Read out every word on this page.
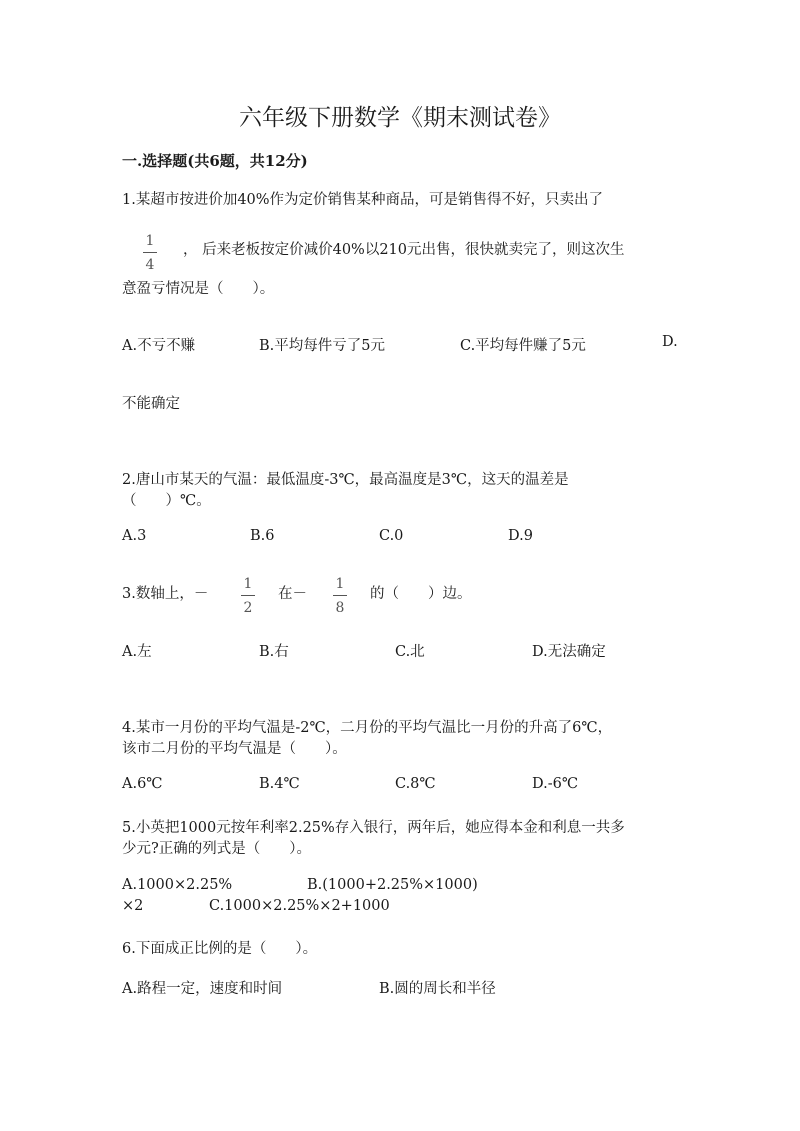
六年级下册数学《期末测试卷》
一.选择题(共6题，共12分)
1.某超市按进价加40%作为定价销售某种商品，可是销售得不好，只卖出了
1
4
， 后来老板按定价减价40%以210元出售，很快就卖完了，则这次生
意盈亏情况是（　　）。
A.不亏不赚	B.平均每件亏了5元	C.平均每件赚了5元	D.
不能确定
2.唐山市某天的气温：最低温度-3℃，最高温度是3℃，这天的温差是
（　　）℃。
A.3	B.6	C.0	D.9
3.数轴上，－
1
2
在－
1
8
的（　　）边。
A.左	B.右	C.北	D.无法确定
4.某市一月份的平均气温是-2℃，二月份的平均气温比一月份的升高了6℃，
该市二月份的平均气温是（　　）。
A.6℃	B.4℃	C.8℃	D.-6℃
5.小英把1000元按年利率2.25%存入银行，两年后，她应得本金和利息一共多
少元?正确的列式是（　　）。
A.1000×2.25%	B.(1000+2.25%×1000)
×2	C.1000×2.25%×2+1000
6.下面成正比例的是（　　）。
A.路程一定，速度和时间	B.圆的周长和半径
